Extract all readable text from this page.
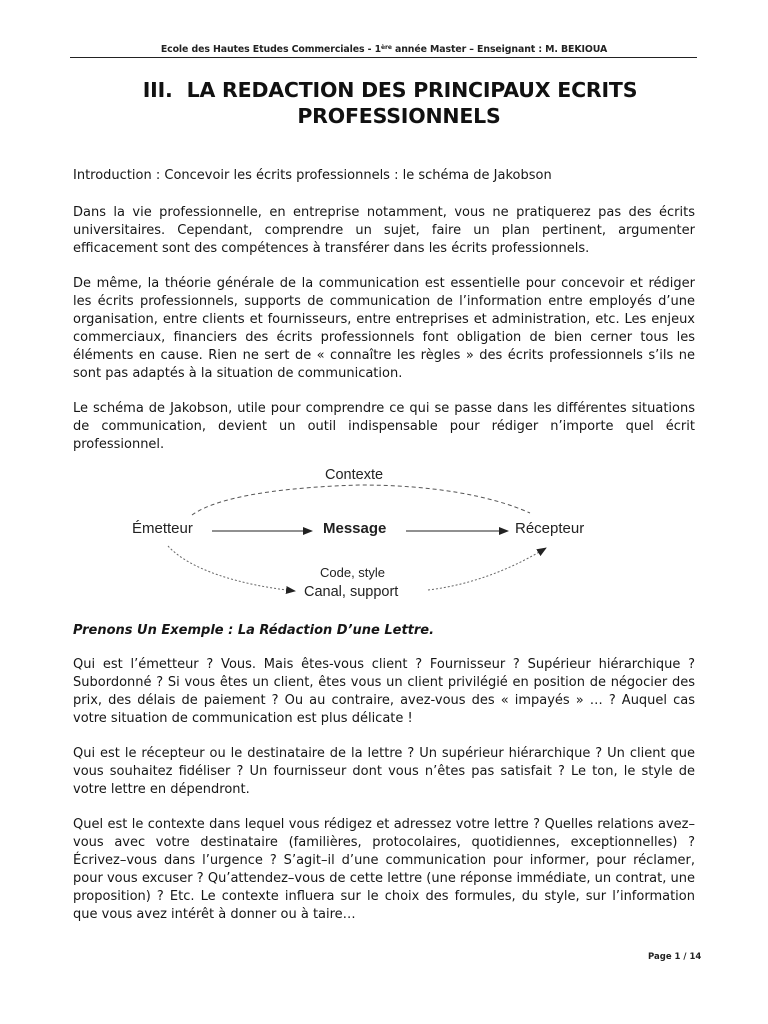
Ecole des Hautes Etudes Commerciales - 1ère année Master – Enseignant : M. BEKIOUA
III. LA REDACTION DES PRINCIPAUX ECRITS
PROFESSIONNELS
Introduction : Concevoir les écrits professionnels : le schéma de Jakobson

Dans la vie professionnelle, en entreprise notamment, vous ne pratiquerez pas des écrits universitaires. Cependant, comprendre un sujet, faire un plan pertinent, argumenter efficacement sont des compétences à transférer dans les écrits professionnels.

De même, la théorie générale de la communication est essentielle pour concevoir et rédiger les écrits professionnels, supports de communication de l’information entre employés d’une organisation, entre clients et fournisseurs, entre entreprises et administration, etc. Les enjeux commerciaux, financiers des écrits professionnels font obligation de bien cerner tous les éléments en cause. Rien ne sert de « connaître les règles » des écrits professionnels s’ils ne sont pas adaptés à la situation de communication.

Le schéma de Jakobson, utile pour comprendre ce qui se passe dans les différentes situations de communication, devient un outil indispensable pour rédiger n’importe quel écrit professionnel.

Contexte
Émetteur	Message	Récepteur
Code, style
Canal, support
Prenons Un Exemple : La Rédaction D’une Lettre.

Qui est l’émetteur ? Vous. Mais êtes-vous client ? Fournisseur ? Supérieur hiérarchique ? Subordonné ? Si vous êtes un client, êtes vous un client privilégié en position de négocier des prix, des délais de paiement ? Ou au contraire, avez-vous des « impayés » … ? Auquel cas votre situation de communication est plus délicate !

Qui est le récepteur ou le destinataire de la lettre ? Un supérieur hiérarchique ? Un client que vous souhaitez fidéliser ? Un fournisseur dont vous n’êtes pas satisfait ? Le ton, le style de votre lettre en dépendront.

Quel est le contexte dans lequel vous rédigez et adressez votre lettre ? Quelles relations avez–vous avec votre destinataire (familières, protocolaires, quotidiennes, exceptionnelles) ? Écrivez–vous dans l’urgence ? S’agit–il d’une communication pour informer, pour réclamer, pour vous excuser ? Qu’attendez–vous de cette lettre (une réponse immédiate, un contrat, une proposition) ? Etc. Le contexte influera sur le choix des formules, du style, sur l’information que vous avez intérêt à donner ou à taire…

Page 1 / 14
